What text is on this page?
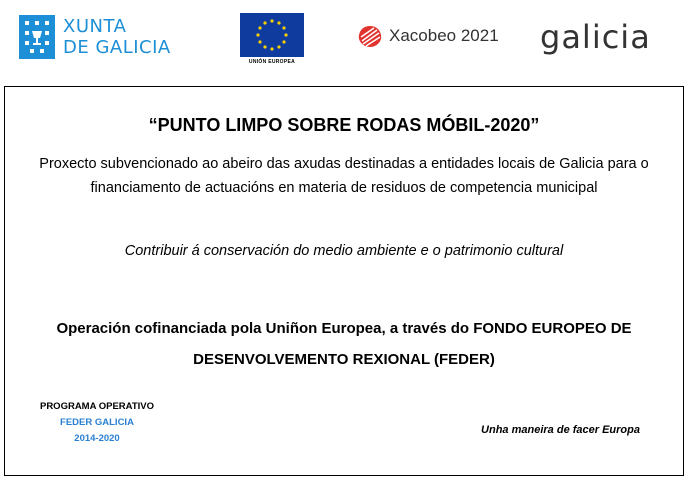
XUNTA
DE GALICIA
UNIÓN EUROPEA
Xacobeo 2021 galicia
“PUNTO LIMPO SOBRE RODAS MÓBIL-2020”
Proxecto subvencionado ao abeiro das axudas destinadas a entidades locais de Galicia para o
financiamento de actuacións en materia de residuos de competencia municipal
Contribuir á conservación do medio ambiente e o patrimonio cultural
Operación cofinanciada pola Uniñon Europea, a través do FONDO EUROPEO DE
DESENVOLVEMENTO REXIONAL (FEDER)
PROGRAMA OPERATIVO
FEDER GALICIA
2014-2020
Unha maneira de facer Europa
